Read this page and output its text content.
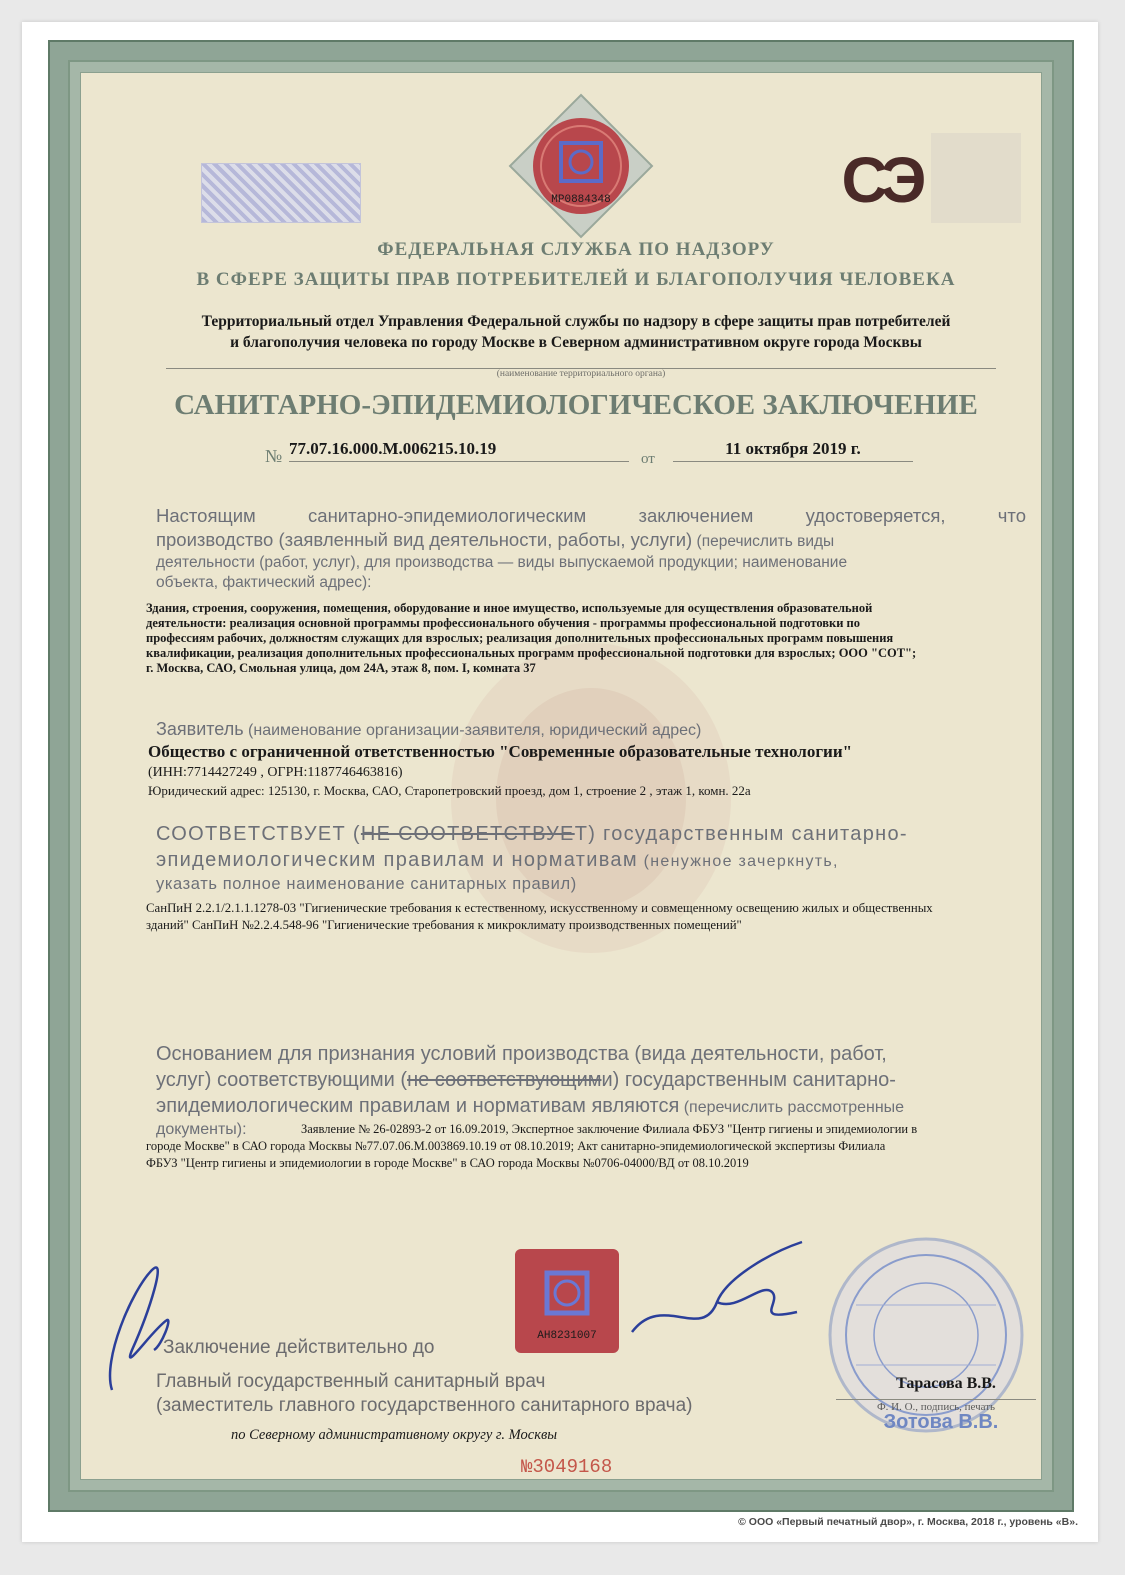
МР0884348	СЭ
ФЕДЕРАЛЬНАЯ СЛУЖБА ПО НАДЗОРУ
В СФЕРЕ ЗАЩИТЫ ПРАВ ПОТРЕБИТЕЛЕЙ И БЛАГОПОЛУЧИЯ ЧЕЛОВЕКА
Территориальный отдел Управления Федеральной службы по надзору в сфере защиты прав потребителей
и благополучия человека по городу Москве в Северном административном округе города Москвы
(наименование территориального органа)
САНИТАРНО-ЭПИДЕМИОЛОГИЧЕСКОЕ ЗАКЛЮЧЕНИЕ
№ 77.07.16.000.М.006215.10.19
от
11 октября 2019 г.
Настоящим санитарно-эпидемиологическим заключением удостоверяется, что
производство (заявленный вид деятельности, работы, услуги) (перечислить виды
деятельности (работ, услуг), для производства — виды выпускаемой продукции; наименование
объекта, фактический адрес):
Здания, строения, сооружения, помещения, оборудование и иное имущество, используемые для осуществления образовательной
деятельности: реализация основной программы профессионального обучения - программы профессиональной подготовки по
профессиям рабочих, должностям служащих для взрослых; реализация дополнительных профессиональных программ повышения
квалификации, реализация дополнительных профессиональных программ профессиональной подготовки для взрослых; ООО "СОТ";
г. Москва, САО, Смольная улица, дом 24А, этаж 8, пом. I, комната 37
Заявитель (наименование организации-заявителя, юридический адрес)
Общество с ограниченной ответственностью "Современные образовательные технологии"
(ИНН:7714427249 , ОГРН:1187746463816)
Юридический адрес: 125130, г. Москва, САО, Старопетровский проезд, дом 1, строение 2 , этаж 1, комн. 22а
СООТВЕТСТВУЕТ (НЕ СООТВЕТСТВУЕТ) государственным санитарно-
эпидемиологическим правилам и нормативам (ненужное зачеркнуть,
указать полное наименование санитарных правил)
СанПиН 2.2.1/2.1.1.1278-03 "Гигиенические требования к естественному, искусственному и совмещенному освещению жилых и общественных
зданий" СанПиН №2.2.4.548-96 "Гигиенические требования к микроклимату производственных помещений"
Основанием для признания условий производства (вида деятельности, работ,
услуг) соответствующими (не соответствующими) государственным санитарно-
эпидемиологическим правилам и нормативам являются (перечислить рассмотренные
документы):	Заявление № 26-02893-2 от 16.09.2019, Экспертное заключение Филиала ФБУЗ "Центр гигиены и эпидемиологии в
городе Москве" в САО города Москвы №77.07.06.М.003869.10.19 от 08.10.2019; Акт санитарно-эпидемиологической экспертизы Филиала
ФБУЗ "Центр гигиены и эпидемиологии в городе Москве" в САО города Москвы №0706-04000/ВД от 08.10.2019
АН8231007
Заключение действительно до
Главный государственный санитарный врач
(заместитель главного государственного санитарного врача)
по Северному административному округу г. Москвы
Тарасова В.В.
Ф. И. О., подпись, печать
Зотова В.В.
№3049168
© ООО «Первый печатный двор», г. Москва, 2018 г., уровень «В».
